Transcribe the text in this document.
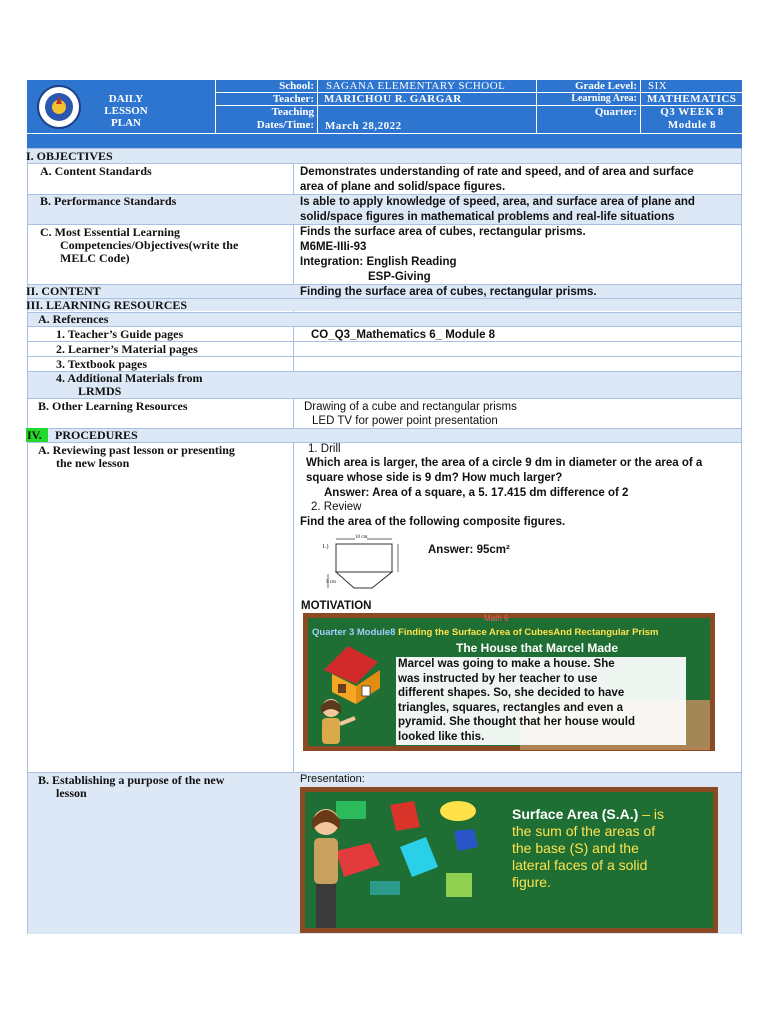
DAILY LESSON
PLAN
School: SAGANA ELEMENTARY SCHOOL
Teacher: MARICHOU R. GARGAR
Teaching
Dates/Time: March 28,2022
Grade Level: SIX
Learning Area: MATHEMATICS
Quarter:	Q3 WEEK 8
Module 8
I. OBJECTIVES
A. Content Standards
B. Performance Standards
C. Most Essential Learning
Competencies/Objectives(write the
MELC Code)
II. CONTENT
III. LEARNING RESOURCES
A. References
1. Teacher’s Guide pages
2. Learner’s Material pages
3. Textbook pages
4. Additional Materials from
LRMDS
B. Other Learning Resources
IV. PROCEDURES
A. Reviewing past lesson or presenting
the new lesson
B. Establishing a purpose of the new
lesson
Demonstrates understanding of rate and speed, and of area and surface
area of plane and solid/space figures.
Is able to apply knowledge of speed, area, and surface area of plane and
solid/space figures in mathematical problems and real-life situations
Finds the surface area of cubes, rectangular prisms.
M6ME-IIIi-93
Integration: English Reading
ESP-Giving
Finding the surface area of cubes, rectangular prisms.
CO_Q3_Mathematics 6_ Module 8
Drawing of a cube and rectangular prisms
LED TV for power point presentation
1. Drill
Which area is larger, the area of a circle 9 dm in diameter or the area of a
square whose side is 9 dm? How much larger?
Answer: Area of a square, a 5. 17.415 dm difference of 2
2. Review
Find the area of the following composite figures.
1.)
10 cm
9 cm
Answer: 95cm²
MOTIVATION
Math 6
Quarter 3 Module8 Finding the Surface Area of CubesAnd Rectangular Prism
The House that Marcel Made
Marcel was going to make a house. She
was instructed by her teacher to use
different shapes. So, she decided to have
triangles, squares, rectangles and even a
pyramid. She thought that her house would
looked like this.
Presentation:
Surface Area (S.A.) – is
the sum of the areas of
the base (S) and the
lateral faces of a solid
figure.
